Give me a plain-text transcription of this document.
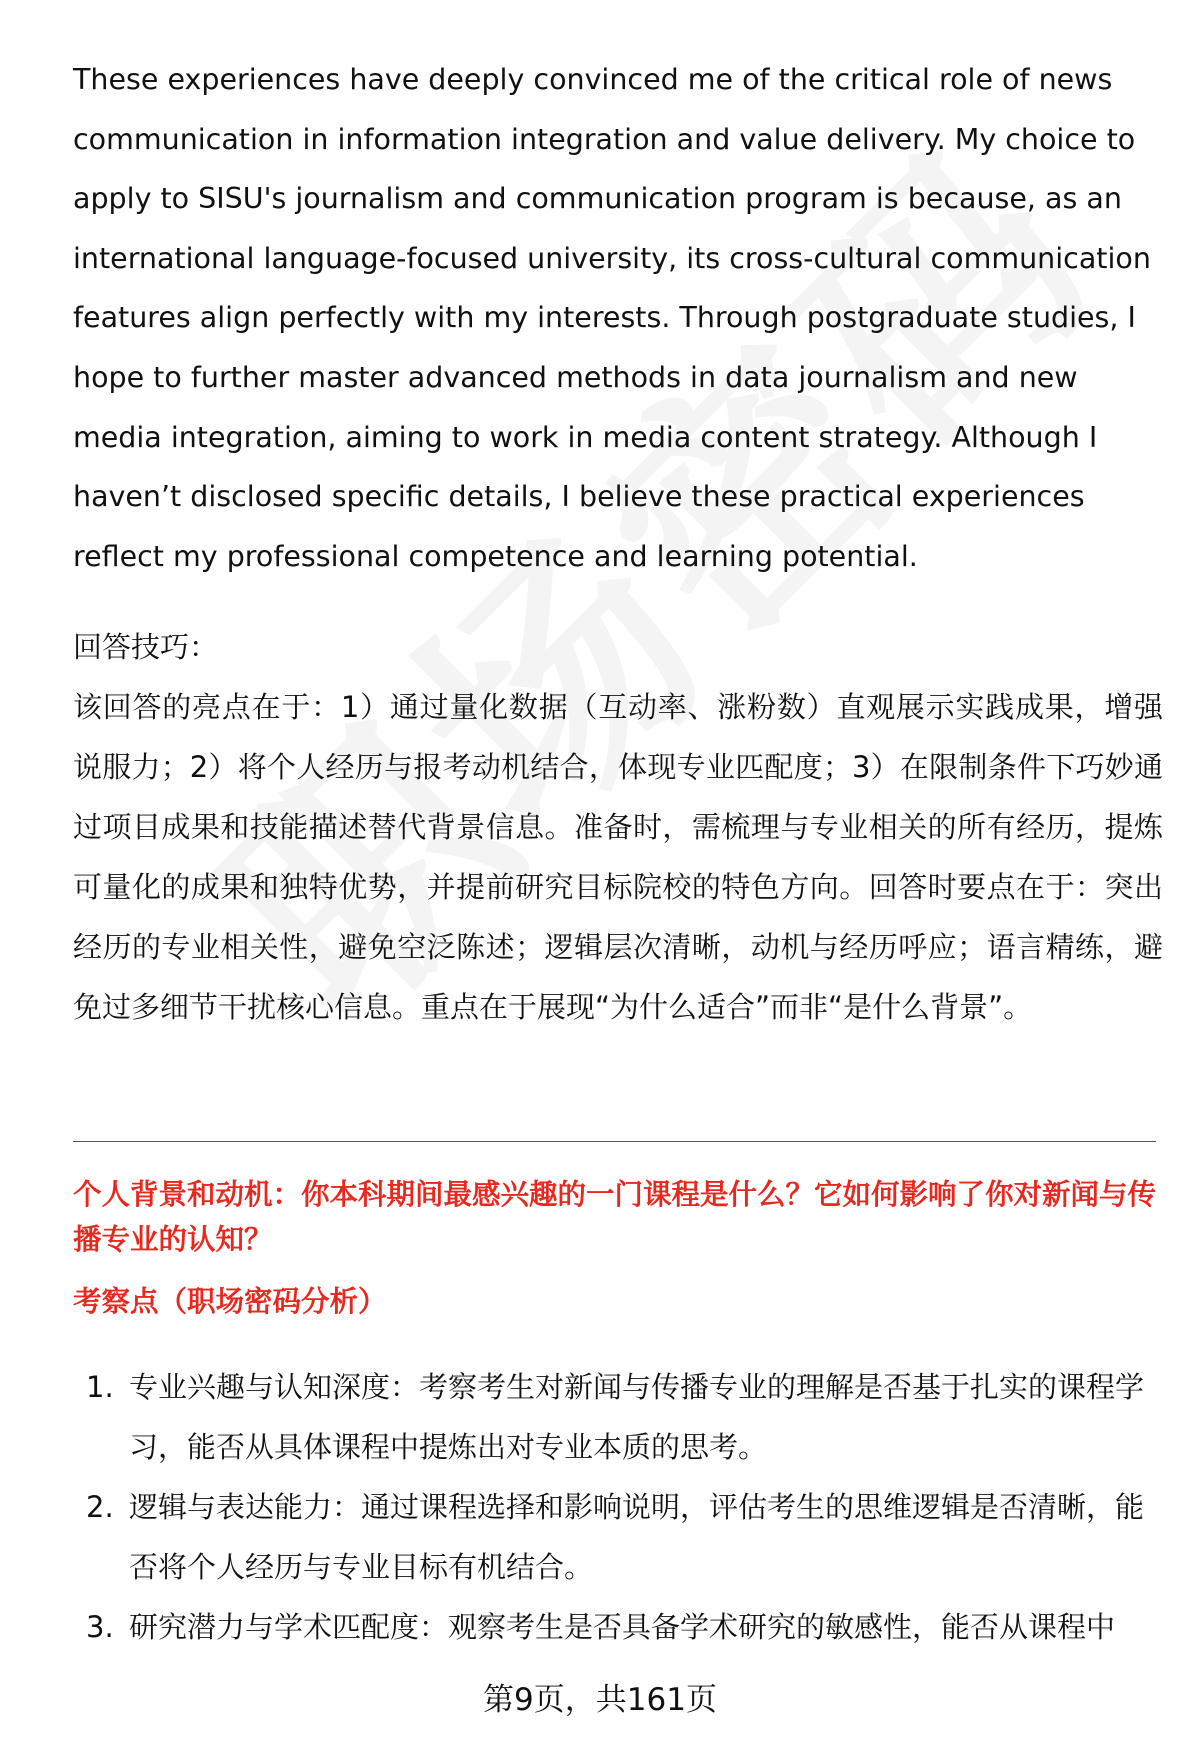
These experiences have deeply convinced me of the critical role of news communication in information integration and value delivery. My choice to apply to SISU's journalism and communication program is because, as an international language-focused university, its cross-cultural communication features align perfectly with my interests. Through postgraduate studies, I hope to further master advanced methods in data journalism and new media integration, aiming to work in media content strategy. Although I haven’t disclosed specific details, I believe these practical experiences reflect my professional competence and learning potential.

回答技巧：

该回答的亮点在于：1）通过量化数据（互动率、涨粉数）直观展示实践成果，增强说服力；2）将个人经历与报考动机结合，体现专业匹配度；3）在限制条件下巧妙通过项目成果和技能描述替代背景信息。准备时，需梳理与专业相关的所有经历，提炼可量化的成果和独特优势，并提前研究目标院校的特色方向。回答时要点在于：突出经历的专业相关性，避免空泛陈述；逻辑层次清晰，动机与经历呼应；语言精练，避免过多细节干扰核心信息。重点在于展现“为什么适合”而非“是什么背景”。

个人背景和动机：你本科期间最感兴趣的一门课程是什么？它如何影响了你对新闻与传播专业的认知？

考察点（职场密码分析）

1. 专业兴趣与认知深度：考察考生对新闻与传播专业的理解是否基于扎实的课程学习，能否从具体课程中提炼出对专业本质的思考。
2. 逻辑与表达能力：通过课程选择和影响说明，评估考生的思维逻辑是否清晰，能否将个人经历与专业目标有机结合。
3. 研究潜力与学术匹配度：观察考生是否具备学术研究的敏感性，能否从课程中
第9页，共161页
